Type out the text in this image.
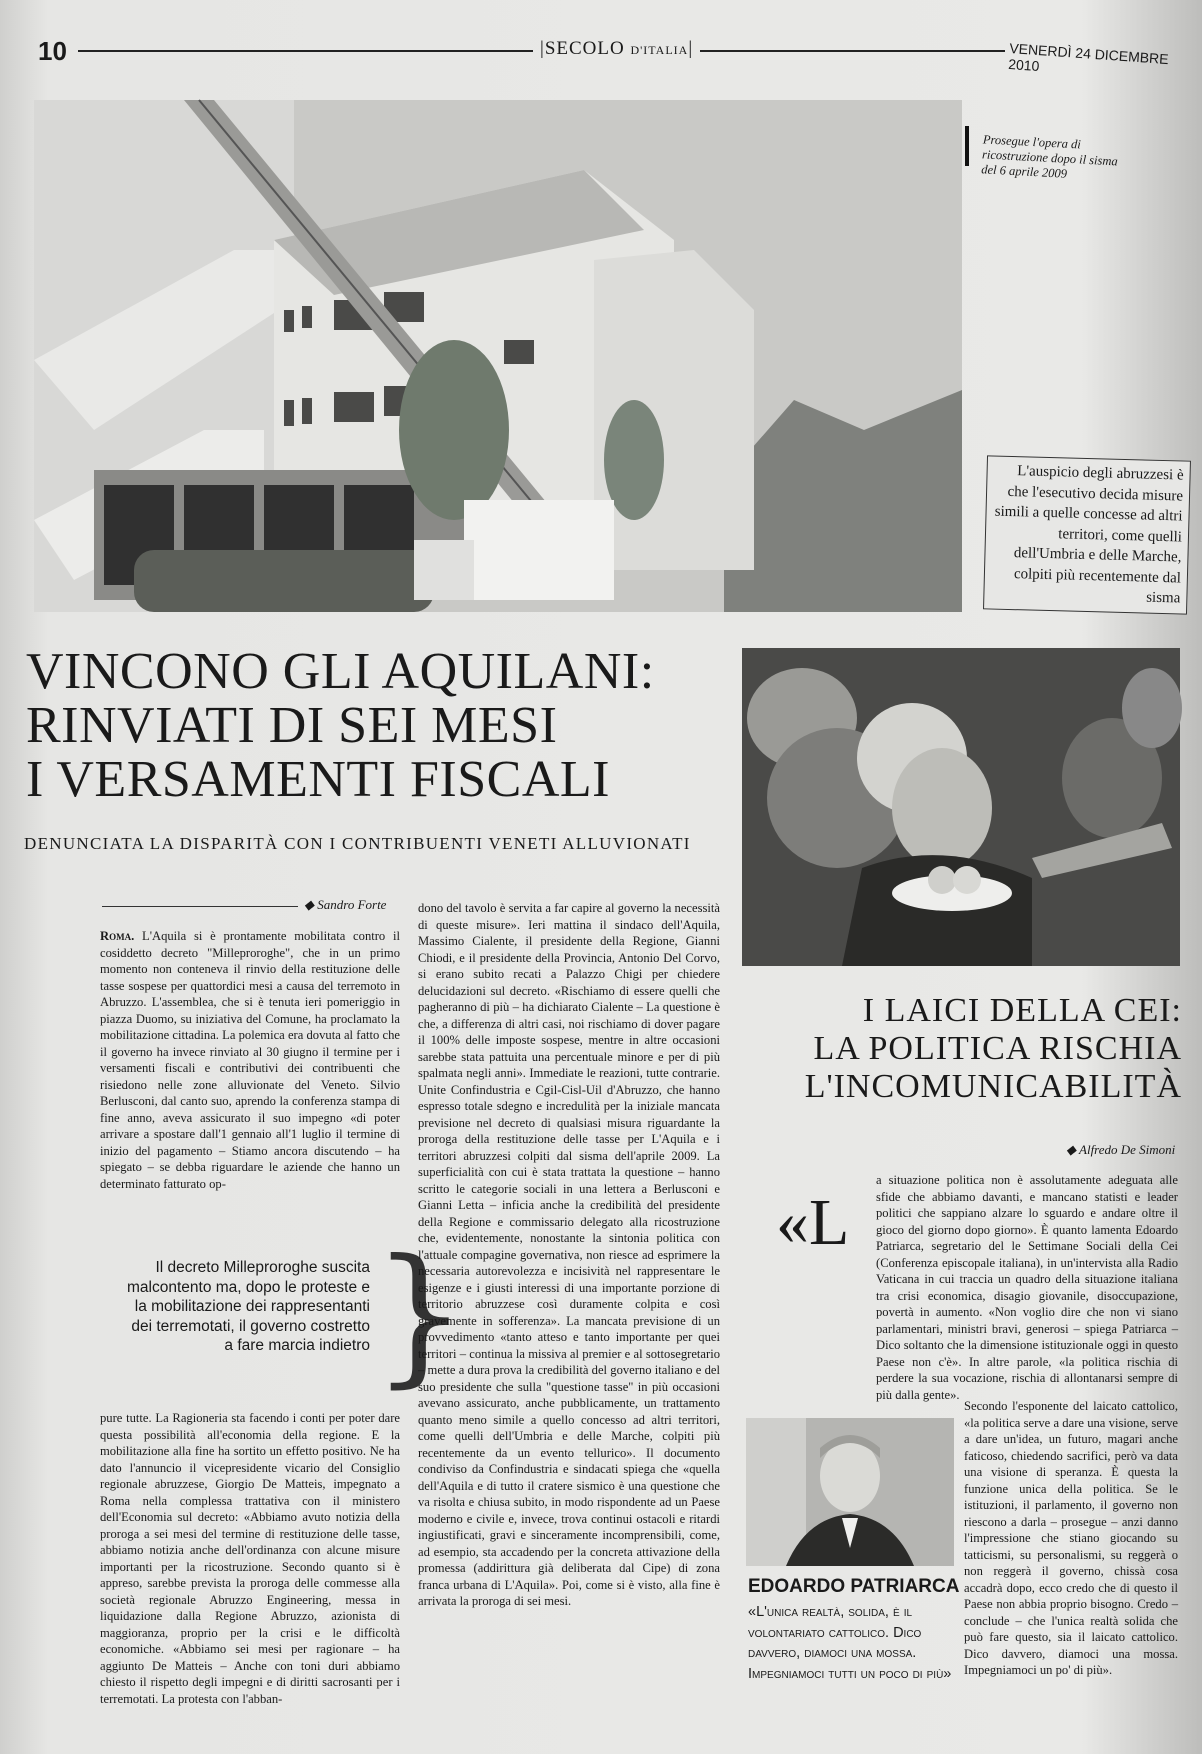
10	|SECOLO D'ITALIA|	VENERDÌ 24 DICEMBRE 2010
Prosegue l'opera di ricostruzione dopo il sisma del 6 aprile 2009
L'auspicio degli abruzzesi è che l'esecutivo decida misure simili a quelle concesse ad altri territori, come quelli dell'Umbria e delle Marche, colpiti più recentemente dal sisma
VINCONO GLI AQUILANI:
RINVIATI DI SEI MESI
I VERSAMENTI FISCALI
DENUNCIATA LA DISPARITÀ CON I CONTRIBUENTI VENETI ALLUVIONATI
◆ Sandro Forte
Roma. L'Aquila si è prontamente mobilitata contro il cosiddetto decreto "Milleproroghe", che in un primo momento non conteneva il rinvio della restituzione delle tasse sospese per quattordici mesi a causa del terremoto in Abruzzo. L'assemblea, che si è tenuta ieri pomeriggio in piazza Duomo, su iniziativa del Comune, ha proclamato la mobilitazione cittadina. La polemica era dovuta al fatto che il governo ha invece rinviato al 30 giugno il termine per i versamenti fiscali e contributivi dei contribuenti che risiedono nelle zone alluvionate del Veneto. Silvio Berlusconi, dal canto suo, aprendo la conferenza stampa di fine anno, aveva assicurato il suo impegno «di poter arrivare a spostare dall'1 gennaio all'1 luglio il termine di inizio del pagamento – Stiamo ancora discutendo – ha spiegato – se debba riguardare le aziende che hanno un determinato fatturato op-
Il decreto Milleproroghe suscita malcontento ma, dopo le proteste e la mobilitazione dei rappresentanti dei terremotati, il governo costretto a fare marcia indietro }
pure tutte. La Ragioneria sta facendo i conti per poter dare questa possibilità all'economia della regione. E la mobilitazione alla fine ha sortito un effetto positivo. Ne ha dato l'annuncio il vicepresidente vicario del Consiglio regionale abruzzese, Giorgio De Matteis, impegnato a Roma nella complessa trattativa con il ministero dell'Economia sul decreto: «Abbiamo avuto notizia della proroga a sei mesi del termine di restituzione delle tasse, abbiamo notizia anche dell'ordinanza con alcune misure importanti per la ricostruzione. Secondo quanto si è appreso, sarebbe prevista la proroga delle commesse alla società regionale Abruzzo Engineering, messa in liquidazione dalla Regione Abruzzo, azionista di maggioranza, proprio per la crisi e le difficoltà economiche. «Abbiamo sei mesi per ragionare – ha aggiunto De Matteis – Anche con toni duri abbiamo chiesto il rispetto degli impegni e di diritti sacrosanti per i terremotati. La protesta con l'abban-
dono del tavolo è servita a far capire al governo la necessità di queste misure». Ieri mattina il sindaco dell'Aquila, Massimo Cialente, il presidente della Regione, Gianni Chiodi, e il presidente della Provincia, Antonio Del Corvo, si erano subito recati a Palazzo Chigi per chiedere delucidazioni sul decreto. «Rischiamo di essere quelli che pagheranno di più – ha dichiarato Cialente – La questione è che, a differenza di altri casi, noi rischiamo di dover pagare il 100% delle imposte sospese, mentre in altre occasioni sarebbe stata pattuita una percentuale minore e per di più spalmata negli anni». Immediate le reazioni, tutte contrarie. Unite Confindustria e Cgil-Cisl-Uil d'Abruzzo, che hanno espresso totale sdegno e incredulità per la iniziale mancata previsione nel decreto di qualsiasi misura riguardante la proroga della restituzione delle tasse per L'Aquila e i territori abruzzesi colpiti dal sisma dell'aprile 2009. La superficialità con cui è stata trattata la questione – hanno scritto le categorie sociali in una lettera a Berlusconi e Gianni Letta – inficia anche la credibilità del presidente della Regione e commissario delegato alla ricostruzione che, evidentemente, nonostante la sintonia politica con l'attuale compagine governativa, non riesce ad esprimere la necessaria autorevolezza e incisività nel rappresentare le esigenze e i giusti interessi di una importante porzione di territorio abruzzese così duramente colpita e così gravemente in sofferenza». La mancata previsione di un provvedimento «tanto atteso e tanto importante per quei territori – continua la missiva al premier e al sottosegretario – mette a dura prova la credibilità del governo italiano e del suo presidente che sulla "questione tasse" in più occasioni avevano assicurato, anche pubblicamente, un trattamento quanto meno simile a quello concesso ad altri territori, come quelli dell'Umbria e delle Marche, colpiti più recentemente da un evento tellurico». Il documento condiviso da Confindustria e sindacati spiega che «quella dell'Aquila e di tutto il cratere sismico è una questione che va risolta e chiusa subito, in modo rispondente ad un Paese moderno e civile e, invece, trova continui ostacoli e ritardi ingiustificati, gravi e sinceramente incomprensibili, come, ad esempio, sta accadendo per la concreta attivazione della promessa (addirittura già deliberata dal Cipe) di zona franca urbana di L'Aquila». Poi, come si è visto, alla fine è arrivata la proroga di sei mesi.
I LAICI DELLA CEI:
LA POLITICA RISCHIA
L'INCOMUNICABILITÀ
◆ Alfredo De Simoni
«L
a situazione politica non è assolutamente adeguata alle sfide che abbiamo davanti, e mancano statisti e leader politici che sappiano alzare lo sguardo e andare oltre il gioco del giorno dopo giorno». È quanto lamenta Edoardo Patriarca, segretario del le Settimane Sociali della Cei (Conferenza episcopale italiana), in un'intervista alla Radio Vaticana in cui traccia un quadro della situazione italiana tra crisi economica, disagio giovanile, disoccupazione, povertà in aumento. «Non voglio dire che non vi siano parlamentari, ministri bravi, generosi – spiega Patriarca – Dico soltanto che la dimensione istituzionale oggi in questo Paese non c'è». In altre parole, «la politica rischia di perdere la sua vocazione, rischia di allontanarsi sempre di più dalla gente».
EDOARDO PATRIARCA
«L'unica realtà, solida, è il volontariato cattolico. Dico davvero, diamoci una mossa. Impegniamoci tutti un poco di più»
Secondo l'esponente del laicato cattolico, «la politica serve a dare una visione, serve a dare un'idea, un futuro, magari anche faticoso, chiedendo sacrifici, però va data una visione di speranza. È questa la funzione unica della politica. Se le istituzioni, il parlamento, il governo non riescono a darla – prosegue – anzi danno l'impressione che stiano giocando su tatticismi, su personalismi, su reggerà o non reggerà il governo, chissà cosa accadrà dopo, ecco credo che di questo il Paese non abbia proprio bisogno. Credo – conclude – che l'unica realtà solida che può fare questo, sia il laicato cattolico. Dico davvero, diamoci una mossa. Impegniamoci un po' di più».
